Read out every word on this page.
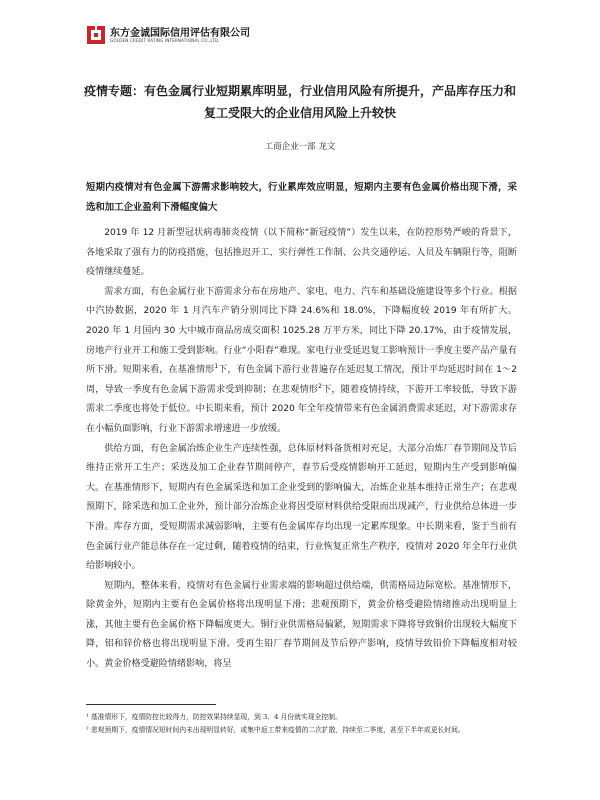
东方金诚国际信用评估有限公司
GOLDEN CREDIT RATING INTERNATIONAL CO.,LTD.
疫情专题：有色金属行业短期累库明显，行业信用风险有所提升，产品库存压力和复工受限大的企业信用风险上升较快
工商企业一部 龙文
短期内疫情对有色金属下游需求影响较大，行业累库效应明显，短期内主要有色金属价格出现下滑，采选和加工企业盈利下滑幅度偏大

2019 年 12 月新型冠状病毒肺炎疫情（以下简称“新冠疫情”）发生以来，在防控形势严峻的背景下，各地采取了强有力的防疫措施，包括推迟开工、实行弹性工作制、公共交通停运、人员及车辆限行等，阻断疫情继续蔓延。

需求方面，有色金属行业下游需求分布在房地产、家电、电力、汽车和基础设施建设等多个行业。根据中汽协数据，2020 年 1 月汽车产销分别同比下降 24.6%和 18.0%，下降幅度较 2019 年有所扩大。2020 年 1 月国内 30 大中城市商品房成交面积 1025.28 万平方米，同比下降 20.17%，由于疫情发展，房地产行业开工和施工受到影响。行业“小阳春”难现。家电行业受延迟复工影响预计一季度主要产品产量有所下滑。短期来看，在基准情形$^1$下，有色金属下游行业普遍存在延迟复工情况，预计平均延迟时间在 1～2 周，导致一季度有色金属下游需求受到抑制；在悲观情形$^2$下，随着疫情持续，下游开工率较低，导致下游需求二季度也将处于低位。中长期来看，预计 2020 年全年疫情带来有色金属消费需求延迟，对下游需求存在小幅负面影响，行业下游需求增速进一步放缓。

供给方面，有色金属冶炼企业生产连续性强，总体原材料备货相对充足，大部分冶炼厂春节期间及节后维持正常开工生产；采选及加工企业春节期间停产，春节后受疫情影响开工延迟，短期内生产受到影响偏大。在基准情形下，短期内有色金属采选和加工企业受到的影响偏大，冶炼企业基本维持正常生产；在悲观预期下，除采选和加工企业外，预计部分冶炼企业将因受原材料供给受限而出现减产，行业供给总体进一步下滑。库存方面，受短期需求减弱影响，主要有色金属库存均出现一定累库现象。中长期来看，鉴于当前有色金属行业产能总体存在一定过剩，随着疫情的结束，行业恢复正常生产秩序，疫情对 2020 年全年行业供给影响较小。

短期内，整体来看，疫情对有色金属行业需求端的影响超过供给端，供需格局边际宽松。基准情形下，除黄金外，短期内主要有色金属价格将出现明显下滑；悲观预期下，黄金价格受避险情绪推动出现明显上涨，其他主要有色金属价格下降幅度更大。铜行业供需格局偏紧，短期需求下降将导致铜价出现较大幅度下降，铝和锌价格也将出现明显下滑。受再生铅厂春节期间及节后停产影响，疫情导致铅价下降幅度相对较小。黄金价格受避险情绪影响，将呈

¹ 基准情形下，疫情防控比较得力，防控效果持续显现，到 3、4 月份就实现全控制。

² 悲观预期下，疫情情况短时间内未出现明显转好，或集中返工带来疫情的二次扩散，持续至二季度，甚至下半年或更长时间。
